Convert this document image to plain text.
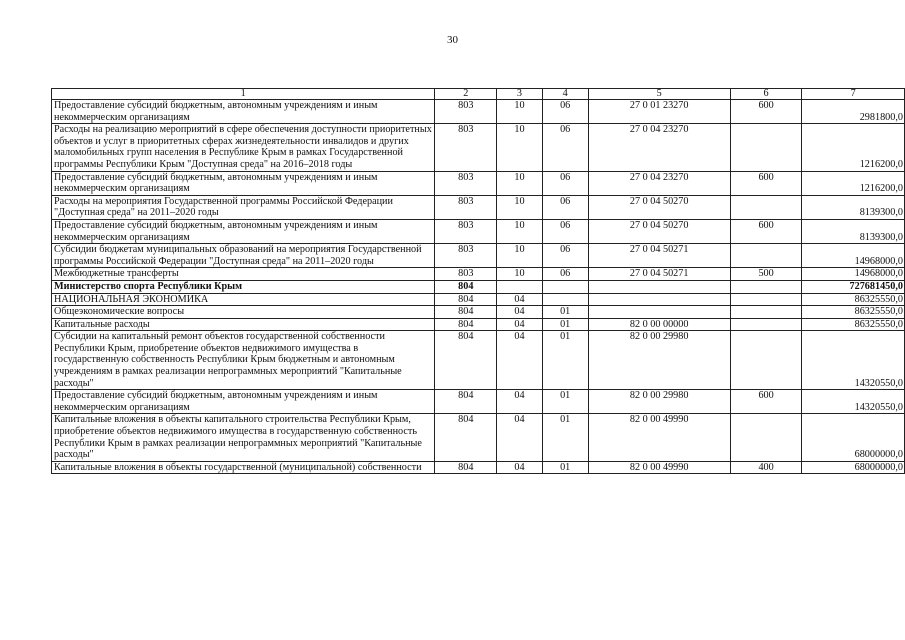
30
1	2	3	4	5	6	7
Предоставление субсидий бюджетным, автономным учреждениям и иным некоммерческим организациям	803	10	06	27 0 01 23270	600	2981800,0
Расходы на реализацию мероприятий в сфере обеспечения доступности приоритетных объектов и услуг в приоритетных сферах жизнедеятельности инвалидов и других маломобильных групп населения в Республике Крым в рамках Государственной программы Республики Крым "Доступная среда" на 2016–2018 годы	803	10	06	27 0 04 23270		1216200,0
Предоставление субсидий бюджетным, автономным учреждениям и иным некоммерческим организациям	803	10	06	27 0 04 23270	600	1216200,0
Расходы на мероприятия Государственной программы Российской Федерации "Доступная среда" на 2011–2020 годы	803	10	06	27 0 04 50270		8139300,0
Предоставление субсидий бюджетным, автономным учреждениям и иным некоммерческим организациям	803	10	06	27 0 04 50270	600	8139300,0
Субсидии бюджетам муниципальных образований на мероприятия Государственной программы Российской Федерации "Доступная среда" на 2011–2020 годы	803	10	06	27 0 04 50271		14968000,0
Межбюджетные трансферты	803	10	06	27 0 04 50271	500	14968000,0
Министерство спорта Республики Крым	804					727681450,0
НАЦИОНАЛЬНАЯ ЭКОНОМИКА	804	04				86325550,0
Общеэкономические вопросы	804	04	01			86325550,0
Капитальные расходы	804	04	01	82 0 00 00000		86325550,0
Субсидии на капитальный ремонт объектов государственной собственности Республики Крым, приобретение объектов недвижимого имущества в государственную собственность Республики Крым бюджетным и автономным учреждениям в рамках реализации непрограммных мероприятий "Капитальные расходы"	804	04	01	82 0 00 29980		14320550,0
Предоставление субсидий бюджетным, автономным учреждениям и иным некоммерческим организациям	804	04	01	82 0 00 29980	600	14320550,0
Капитальные вложения в объекты капитального строительства Республики Крым, приобретение объектов недвижимого имущества в государственную собственность Республики Крым в рамках реализации непрограммных мероприятий "Капитальные расходы"	804	04	01	82 0 00 49990		68000000,0
Капитальные вложения в объекты государственной (муниципальной) собственности	804	04	01	82 0 00 49990	400	68000000,0
